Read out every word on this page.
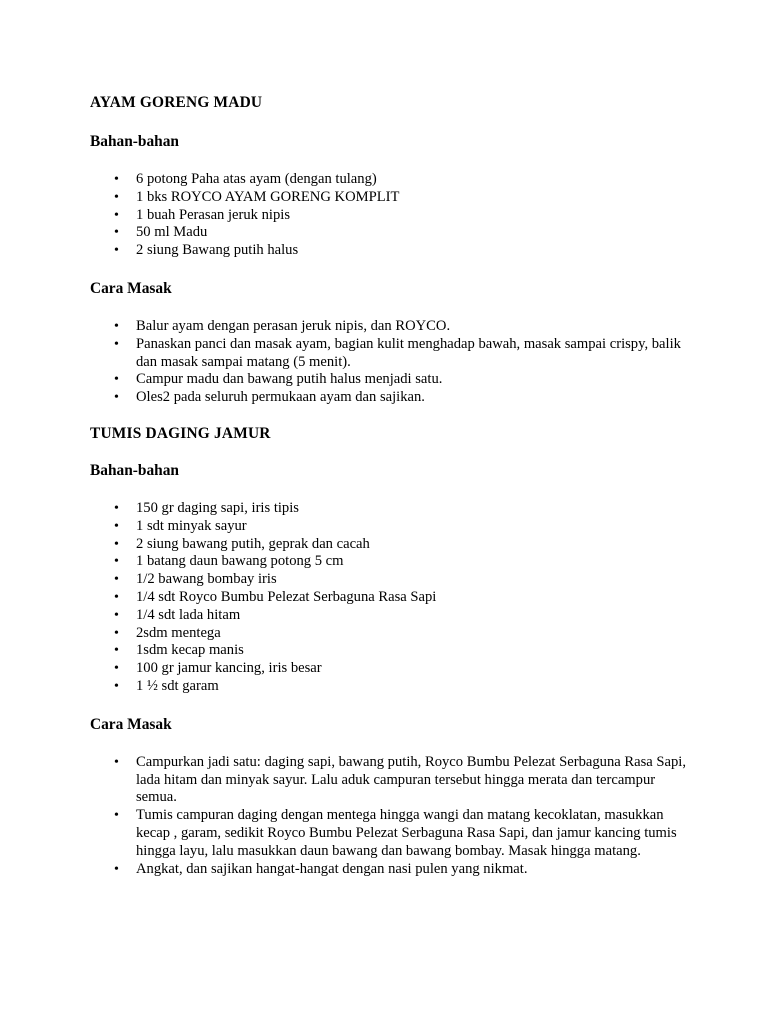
AYAM GORENG MADU
Bahan-bahan
•	6 potong Paha atas ayam (dengan tulang)
•	1 bks ROYCO AYAM GORENG KOMPLIT
•	1 buah Perasan jeruk nipis
•	50 ml Madu
•	2 siung Bawang putih halus
Cara Masak
•	Balur ayam dengan perasan jeruk nipis, dan ROYCO.
•	Panaskan panci dan masak ayam, bagian kulit menghadap bawah, masak sampai crispy, balik dan masak sampai matang (5 menit).
•	Campur madu dan bawang putih halus menjadi satu.
•	Oles2 pada seluruh permukaan ayam dan sajikan.
TUMIS DAGING JAMUR
Bahan-bahan
•	150 gr daging sapi, iris tipis
•	1 sdt minyak sayur
•	2 siung bawang putih, geprak dan cacah
•	1 batang daun bawang potong 5 cm
•	1/2 bawang bombay iris
•	1/4 sdt Royco Bumbu Pelezat Serbaguna Rasa Sapi
•	1/4 sdt lada hitam
•	2sdm mentega
•	1sdm kecap manis
•	100 gr jamur kancing, iris besar
•	1 ½ sdt garam
Cara Masak
•	Campurkan jadi satu: daging sapi, bawang putih, Royco Bumbu Pelezat Serbaguna Rasa Sapi, lada hitam dan minyak sayur. Lalu aduk campuran tersebut hingga merata dan tercampur semua.
•	Tumis campuran daging dengan mentega hingga wangi dan matang kecoklatan, masukkan kecap , garam, sedikit Royco Bumbu Pelezat Serbaguna Rasa Sapi, dan jamur kancing tumis hingga layu, lalu masukkan daun bawang dan bawang bombay. Masak hingga matang.
•	Angkat, dan sajikan hangat-hangat dengan nasi pulen yang nikmat.
